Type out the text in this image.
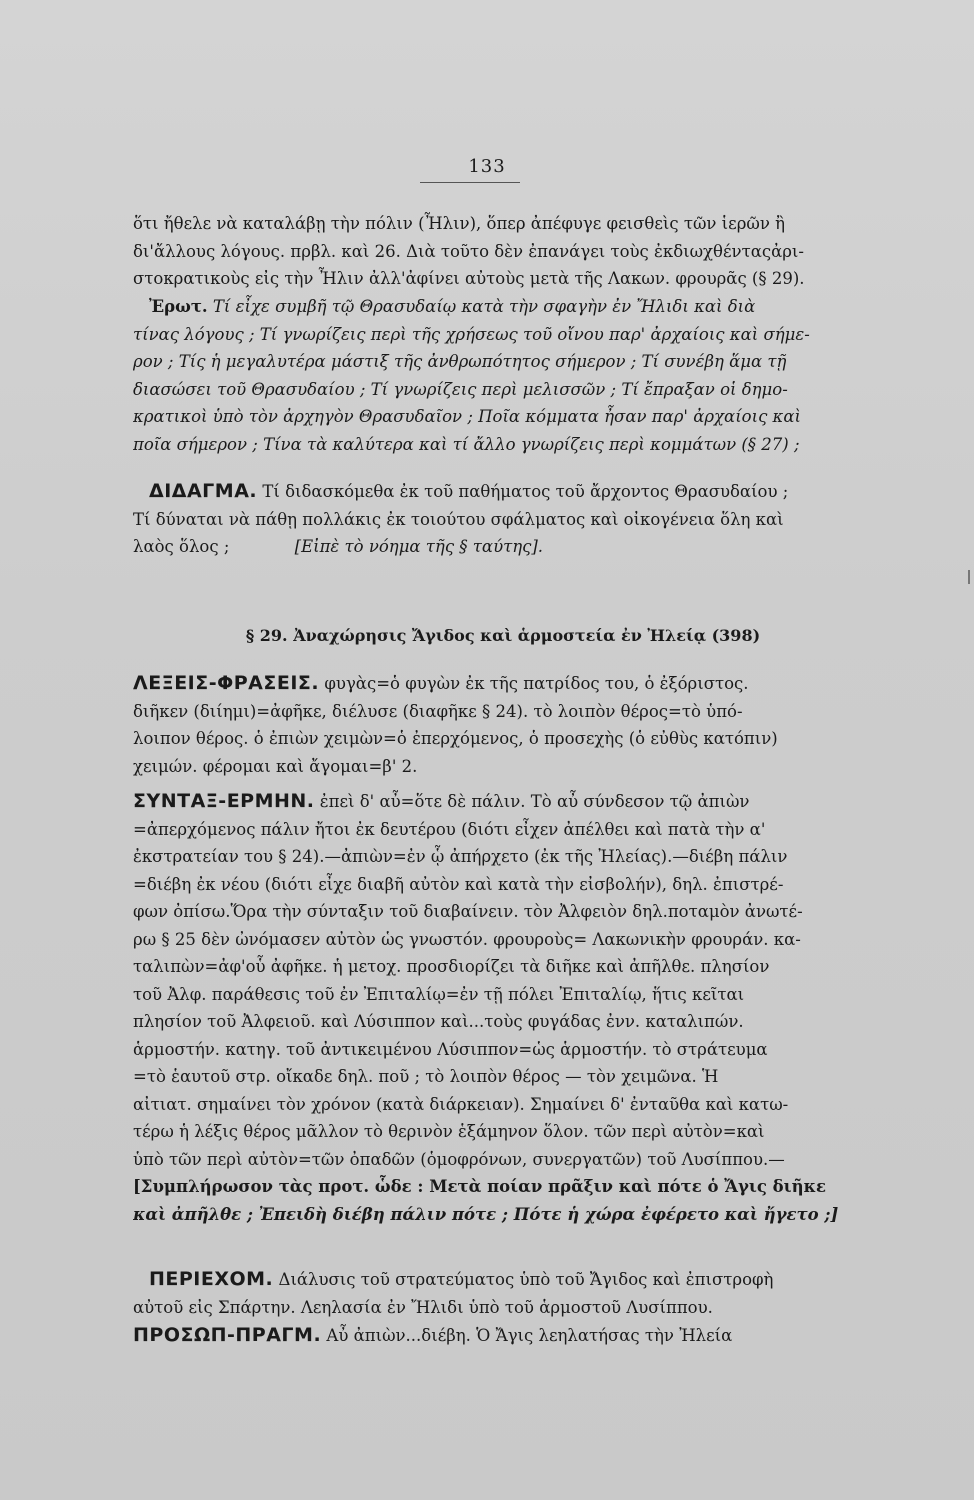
133
ὅτι ἤθελε νὰ καταλάβῃ τὴν πόλιν (Ἦλιν), ὅπερ ἀπέφυγε φεισθεὶς τῶν ἱερῶν ἢ
δι'ἄλλους λόγους. πρβλ. καὶ 26. Διὰ τοῦτο δὲν ἐπανάγει τοὺς ἐκδιωχθένταςἀρι-
στοκρατικοὺς εἰς τὴν Ἦλιν ἀλλ'ἀφίνει αὐτοὺς μετὰ τῆς Λακων. φρουρᾶς (§ 29).
Ἐρωτ. Τί εἶχε συμβῆ τῷ Θρασυδαίῳ κατὰ τὴν σφαγὴν ἐν Ἤλιδι καὶ διὰ
τίνας λόγους ; Τί γνωρίζεις περὶ τῆς χρήσεως τοῦ οἴνου παρ' ἀρχαίοις καὶ σήμε-
ρον ; Τίς ἡ μεγαλυτέρα μάστιξ τῆς ἀνθρωπότητος σήμερον ; Τί συνέβη ἅμα τῇ
διασώσει τοῦ Θρασυδαίου ; Τί γνωρίζεις περὶ μελισσῶν ; Τί ἔπραξαν οἱ δημο-
κρατικοὶ ὑπὸ τὸν ἀρχηγὸν Θρασυδαῖον ; Ποῖα κόμματα ἦσαν παρ' ἀρχαίοις καὶ
ποῖα σήμερον ; Τίνα τὰ καλύτερα καὶ τί ἄλλο γνωρίζεις περὶ κομμάτων (§ 27) ;
ΔΙΔΑΓΜΑ. Τί διδασκόμεθα ἐκ τοῦ παθήματος τοῦ ἄρχοντος Θρασυδαίου ;
Τί δύναται νὰ πάθῃ πολλάκις ἐκ τοιούτου σφάλματος καὶ οἰκογένεια ὅλη καὶ
λαὸς ὅλος ;	[Εἰπὲ τὸ νόημα τῆς § ταύτης].
§ 29. Ἀναχώρησις Ἄγιδος καὶ ἁρμοστεία ἐν Ἠλείᾳ (398)
ΛΕΞΕΙΣ-ΦΡΑΣΕΙΣ. φυγὰς=ὁ φυγὼν ἐκ τῆς πατρίδος του, ὁ ἐξόριστος.
διῆκεν (διίημι)=ἀφῆκε, διέλυσε (διαφῆκε § 24). τὸ λοιπὸν θέρος=τὸ ὑπό-
λοιπον θέρος. ὁ ἐπιὼν χειμὼν=ὁ ἐπερχόμενος, ὁ προσεχὴς (ὁ εὐθὺς κατόπιν)
χειμών. φέρομαι καὶ ἄγομαι=β' 2.
ΣΥΝΤΑΞ-ΕΡΜΗΝ. ἐπεὶ δ' αὖ=ὅτε δὲ πάλιν. Τὸ αὖ σύνδεσον τῷ ἀπιὼν
=ἀπερχόμενος πάλιν ἤτοι ἐκ δευτέρου (διότι εἶχεν ἀπέλθει καὶ πατὰ τὴν α'
ἐκστρατείαν του § 24).—ἀπιὼν=ἐν ᾧ ἀπήρχετο (ἐκ τῆς Ἠλείας).—διέβη πάλιν
=διέβη ἐκ νέου (διότι εἶχε διαβῆ αὐτὸν καὶ κατὰ τὴν εἰσβολήν), δηλ. ἐπιστρέ-
φων ὀπίσω.Ὅρα τὴν σύνταξιν τοῦ διαβαίνειν. τὸν Ἀλφειὸν δηλ.ποταμὸν ἀνωτέ-
ρω § 25 δὲν ὠνόμασεν αὐτὸν ὡς γνωστόν. φρουροὺς= Λακωνικὴν φρουράν. κα-
ταλιπὼν=ἀφ'οὗ ἀφῆκε. ἡ μετοχ. προσδιορίζει τὰ διῆκε καὶ ἀπῆλθε. πλησίον
τοῦ Ἀλφ. παράθεσις τοῦ ἐν Ἐπιταλίῳ=ἐν τῇ πόλει Ἐπιταλίῳ, ἥτις κεῖται
πλησίον τοῦ Ἀλφειοῦ. καὶ Λύσιππον καὶ...τοὺς φυγάδας ἐνν. καταλιπών.
ἁρμοστήν. κατηγ. τοῦ ἀντικειμένου Λύσιππον=ὡς ἁρμοστήν. τὸ στράτευμα
=τὸ ἑαυτοῦ στρ. οἴκαδε δηλ. ποῦ ; τὸ λοιπὸν θέρος — τὸν χειμῶνα. Ἡ
αἰτιατ. σημαίνει τὸν χρόνον (κατὰ διάρκειαν). Σημαίνει δ' ἐνταῦθα καὶ κατω-
τέρω ἡ λέξις θέρος μᾶλλον τὸ θερινὸν ἑξάμηνον ὅλον. τῶν περὶ αὐτὸν=καὶ
ὑπὸ τῶν περὶ αὐτὸν=τῶν ὀπαδῶν (ὁμοφρόνων, συνεργατῶν) τοῦ Λυσίππου.—
[Συμπλήρωσον τὰς προτ. ὧδε : Μετὰ ποίαν πρᾶξιν καὶ πότε ὁ Ἄγις διῆκε
καὶ ἀπῆλθε ; Ἐπειδὴ διέβη πάλιν πότε ; Πότε ἡ χώρα ἐφέρετο καὶ ἤγετο ;]
ΠΕΡΙΕΧΟΜ. Διάλυσις τοῦ στρατεύματος ὑπὸ τοῦ Ἄγιδος καὶ ἐπιστροφὴ
αὐτοῦ εἰς Σπάρτην. Λεηλασία ἐν Ἤλιδι ὑπὸ τοῦ ἁρμοστοῦ Λυσίππου.
ΠΡΟΣΩΠ-ΠΡΑΓΜ. Αὖ ἀπιὼν...διέβη. Ὁ Ἄγις λεηλατήσας τὴν Ἠλεία
